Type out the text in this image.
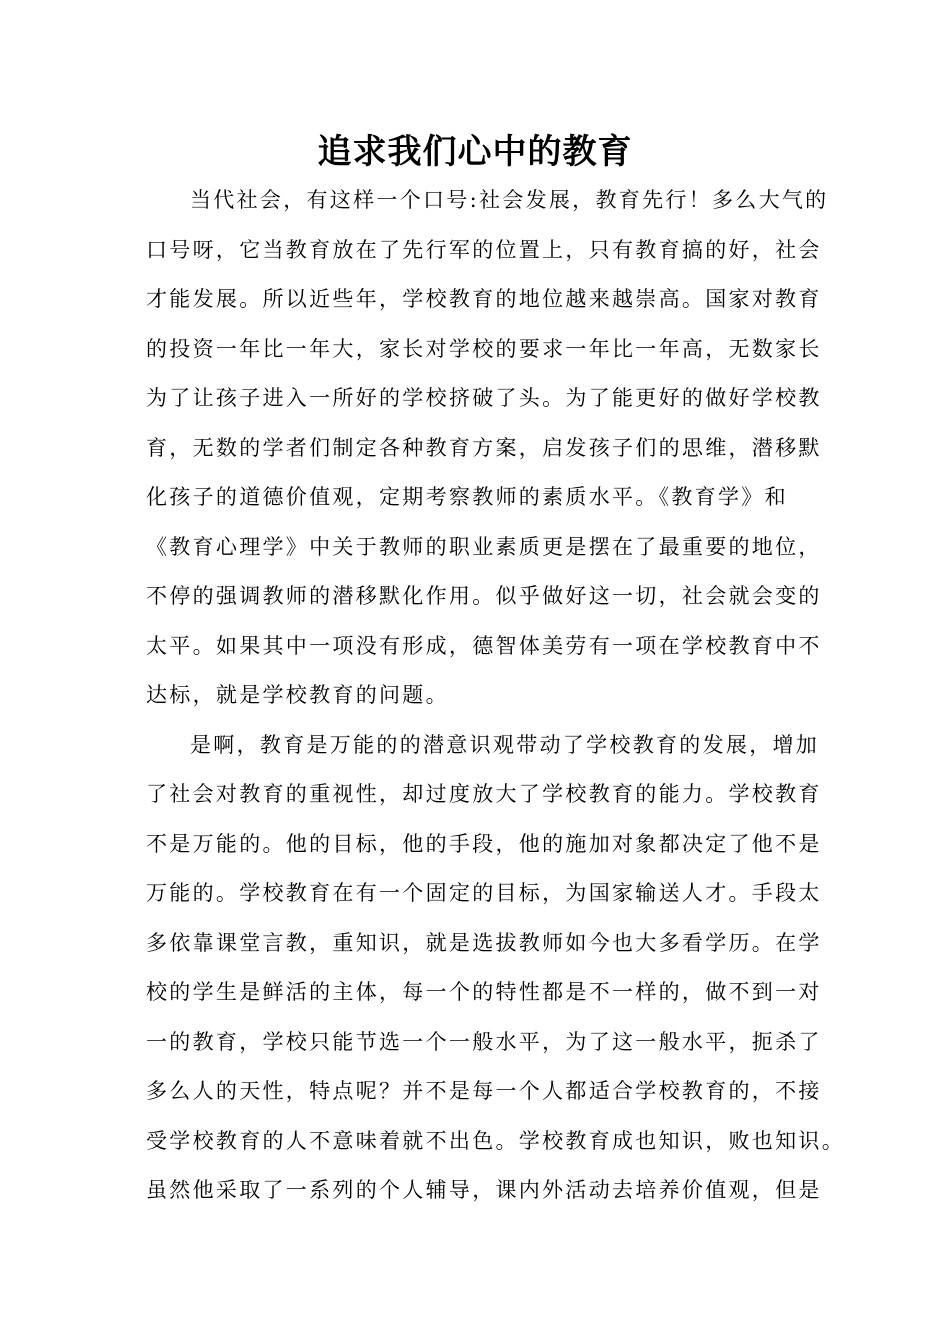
追求我们心中的教育

当代社会，有这样一个口号:社会发展，教育先行！多么大气的

口号呀，它当教育放在了先行军的位置上，只有教育搞的好，社会

才能发展。所以近些年，学校教育的地位越来越崇高。国家对教育

的投资一年比一年大，家长对学校的要求一年比一年高，无数家长

为了让孩子进入一所好的学校挤破了头。为了能更好的做好学校教

育，无数的学者们制定各种教育方案，启发孩子们的思维，潜移默

化孩子的道德价值观，定期考察教师的素质水平。《教育学》和

《教育心理学》中关于教师的职业素质更是摆在了最重要的地位，

不停的强调教师的潜移默化作用。似乎做好这一切，社会就会变的

太平。如果其中一项没有形成，德智体美劳有一项在学校教育中不

达标，就是学校教育的问题。

是啊，教育是万能的的潜意识观带动了学校教育的发展，增加

了社会对教育的重视性，却过度放大了学校教育的能力。学校教育

不是万能的。他的目标，他的手段，他的施加对象都决定了他不是

万能的。学校教育在有一个固定的目标，为国家输送人才。手段太

多依靠课堂言教，重知识，就是选拔教师如今也大多看学历。在学

校的学生是鲜活的主体，每一个的特性都是不一样的，做不到一对

一的教育，学校只能节选一个一般水平，为了这一般水平，扼杀了

多么人的天性，特点呢？并不是每一个人都适合学校教育的，不接

受学校教育的人不意味着就不出色。学校教育成也知识，败也知识。

虽然他采取了一系列的个人辅导，课内外活动去培养价值观，但是
